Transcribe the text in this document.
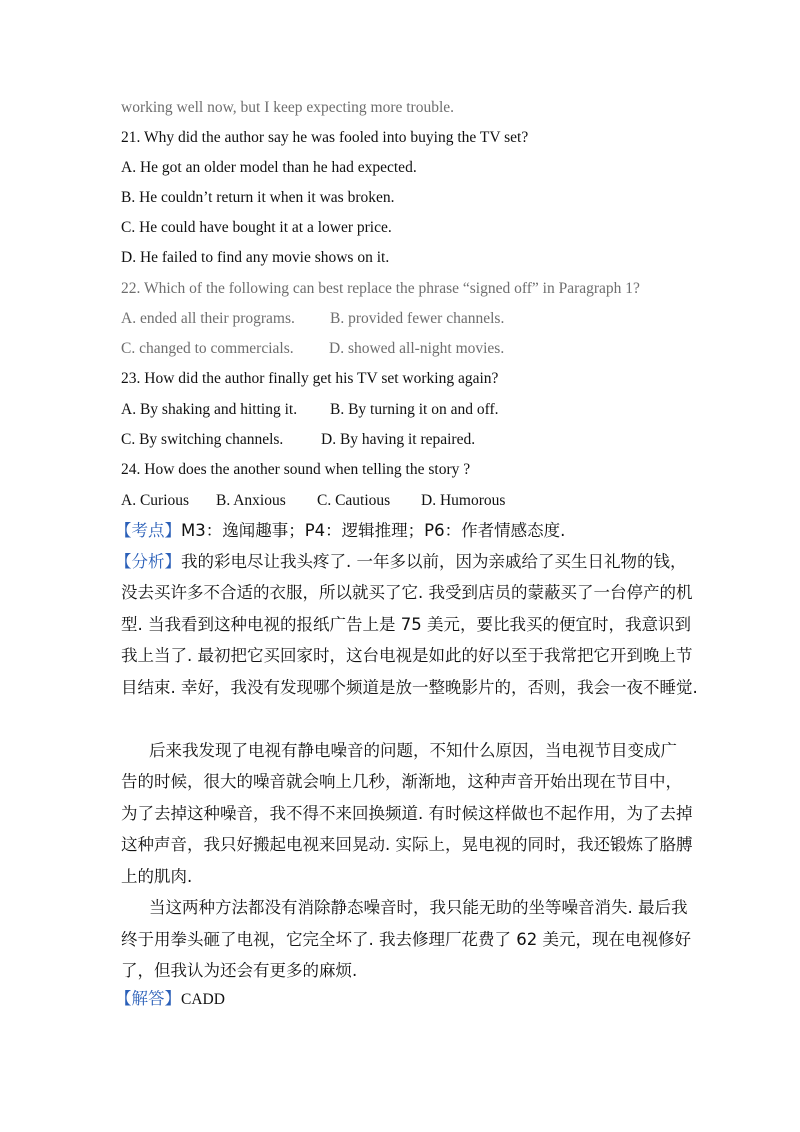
working well now, but I keep expecting more trouble.
21. Why did the author say he was fooled into buying the TV set?
A. He got an older model than he had expected.
B. He couldn’t return it when it was broken.
C. He could have bought it at a lower price.
D. He failed to find any movie shows on it.
22. Which of the following can best replace the phrase “signed off” in Paragraph 1?
A. ended all their programs. B. provided fewer channels.
C. changed to commercials. D. showed all-night movies.
23. How did the author finally get his TV set working again?
A. By shaking and hitting it. B. By turning it on and off.
C. By switching channels. D. By having it repaired.
24. How does the another sound when telling the story ?
A. Curious B. Anxious C. Cautious D. Humorous
【考点】M3：逸闻趣事；P4：逻辑推理；P6：作者情感态度.
【分析】我的彩电尽让我头疼了. 一年多以前，因为亲戚给了买生日礼物的钱，
没去买许多不合适的衣服，所以就买了它. 我受到店员的蒙蔽买了一台停产的机
型. 当我看到这种电视的报纸广告上是 75 美元，要比我买的便宜时，我意识到
我上当了. 最初把它买回家时，这台电视是如此的好以至于我常把它开到晚上节
目结束. 幸好，我没有发现哪个频道是放一整晚影片的，否则，我会一夜不睡觉.
后来我发现了电视有静电噪音的问题，不知什么原因，当电视节目变成广
告的时候，很大的噪音就会响上几秒，渐渐地，这种声音开始出现在节目中，
为了去掉这种噪音，我不得不来回换频道. 有时候这样做也不起作用，为了去掉
这种声音，我只好搬起电视来回晃动. 实际上，晃电视的同时，我还锻炼了胳膊
上的肌肉.
当这两种方法都没有消除静态噪音时，我只能无助的坐等噪音消失. 最后我
终于用拳头砸了电视，它完全坏了. 我去修理厂花费了 62 美元，现在电视修好
了，但我认为还会有更多的麻烦.
【解答】CADD
